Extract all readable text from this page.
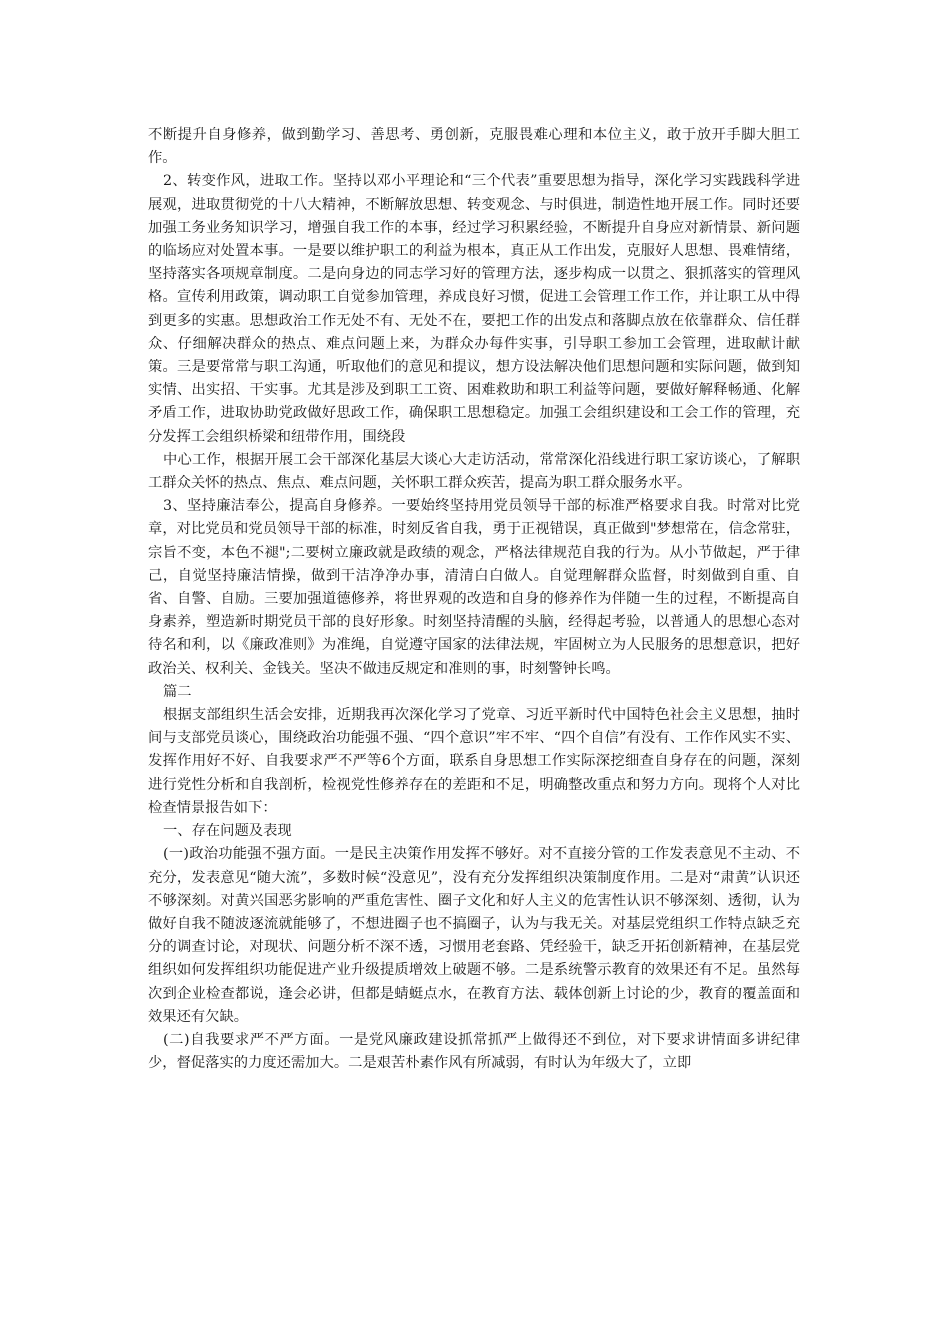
不断提升自身修养，做到勤学习、善思考、勇创新，克服畏难心理和本位主义，敢于放开手脚大胆工作。

2、转变作风，进取工作。坚持以邓小平理论和“三个代表”重要思想为指导，深化学习实践践科学进展观，进取贯彻党的十八大精神，不断解放思想、转变观念、与时俱进，制造性地开展工作。同时还要加强工务业务知识学习，增强自我工作的本事，经过学习积累经验，不断提升自身应对新情景、新问题的临场应对处置本事。一是要以维护职工的利益为根本，真正从工作出发，克服好人思想、畏难情绪，坚持落实各项规章制度。二是向身边的同志学习好的管理方法，逐步构成一以贯之、狠抓落实的管理风格。宣传利用政策，调动职工自觉参加管理，养成良好习惯，促进工会管理工作工作，并让职工从中得到更多的实惠。思想政治工作无处不有、无处不在，要把工作的出发点和落脚点放在依靠群众、信任群众、仔细解决群众的热点、难点问题上来，为群众办每件实事，引导职工参加工会管理，进取献计献策。三是要常常与职工沟通，听取他们的意见和提议，想方设法解决他们思想问题和实际问题，做到知实情、出实招、干实事。尤其是涉及到职工工资、困难救助和职工利益等问题，要做好解释畅通、化解矛盾工作，进取协助党政做好思政工作，确保职工思想稳定。加强工会组织建设和工会工作的管理，充分发挥工会组织桥梁和纽带作用，围绕段

中心工作，根据开展工会干部深化基层大谈心大走访活动，常常深化沿线进行职工家访谈心，了解职工群众关怀的热点、焦点、难点问题，关怀职工群众疾苦，提高为职工群众服务水平。

3、坚持廉洁奉公，提高自身修养。一要始终坚持用党员领导干部的标准严格要求自我。时常对比党章，对比党员和党员领导干部的标准，时刻反省自我，勇于正视错误，真正做到"梦想常在，信念常驻，宗旨不变，本色不褪";二要树立廉政就是政绩的观念，严格法律规范自我的行为。从小节做起，严于律己，自觉坚持廉洁情操，做到干洁净净办事，清清白白做人。自觉理解群众监督，时刻做到自重、自省、自警、自励。三要加强道德修养，将世界观的改造和自身的修养作为伴随一生的过程，不断提高自身素养，塑造新时期党员干部的良好形象。时刻坚持清醒的头脑，经得起考验，以普通人的思想心态对待名和利，以《廉政准则》为准绳，自觉遵守国家的法律法规，牢固树立为人民服务的思想意识，把好政治关、权利关、金钱关。坚决不做违反规定和准则的事，时刻警钟长鸣。

篇二

根据支部组织生活会安排，近期我再次深化学习了党章、习近平新时代中国特色社会主义思想，抽时间与支部党员谈心，围绕政治功能强不强、“四个意识”牢不牢、“四个自信”有没有、工作作风实不实、发挥作用好不好、自我要求严不严等6个方面，联系自身思想工作实际深挖细查自身存在的问题，深刻进行党性分析和自我剖析，检视党性修养存在的差距和不足，明确整改重点和努力方向。现将个人对比检查情景报告如下：

一、存在问题及表现

(一)政治功能强不强方面。一是民主决策作用发挥不够好。对不直接分管的工作发表意见不主动、不充分，发表意见“随大流”，多数时候“没意见”，没有充分发挥组织决策制度作用。二是对“肃黄”认识还不够深刻。对黄兴国恶劣影响的严重危害性、圈子文化和好人主义的危害性认识不够深刻、透彻，认为做好自我不随波逐流就能够了，不想进圈子也不搞圈子，认为与我无关。对基层党组织工作特点缺乏充分的调查讨论，对现状、问题分析不深不透，习惯用老套路、凭经验干，缺乏开拓创新精神，在基层党组织如何发挥组织功能促进产业升级提质增效上破题不够。二是系统警示教育的效果还有不足。虽然每次到企业检查都说，逢会必讲，但都是蜻蜓点水，在教育方法、载体创新上讨论的少，教育的覆盖面和效果还有欠缺。

(二)自我要求严不严方面。一是党风廉政建设抓常抓严上做得还不到位，对下要求讲情面多讲纪律少，督促落实的力度还需加大。二是艰苦朴素作风有所减弱，有时认为年级大了，立即
